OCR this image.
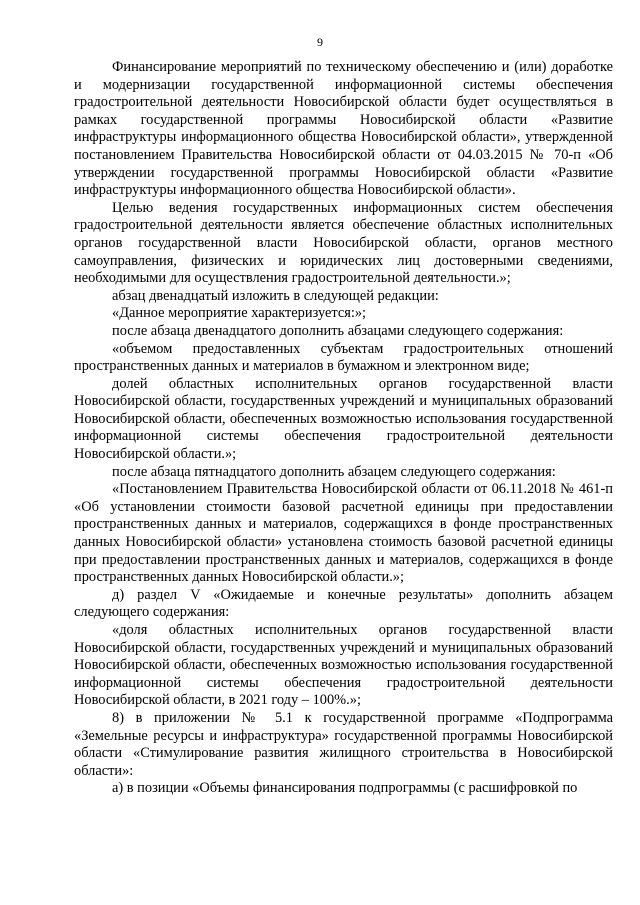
9

Финансирование мероприятий по техническому обеспечению и (или) доработке и модернизации государственной информационной системы обеспечения градостроительной деятельности Новосибирской области будет осуществляться в рамках государственной программы Новосибирской области «Развитие инфраструктуры информационного общества Новосибирской области», утвержденной постановлением Правительства Новосибирской области от 04.03.2015 № 70-п «Об утверждении государственной программы Новосибирской области «Развитие инфраструктуры информационного общества Новосибирской области».

Целью ведения государственных информационных систем обеспечения градостроительной деятельности является обеспечение областных исполнительных органов государственной власти Новосибирской области, органов местного самоуправления, физических и юридических лиц достоверными сведениями, необходимыми для осуществления градостроительной деятельности.»;

абзац двенадцатый изложить в следующей редакции:

«Данное мероприятие характеризуется:»;

после абзаца двенадцатого дополнить абзацами следующего содержания:

«объемом предоставленных субъектам градостроительных отношений пространственных данных и материалов в бумажном и электронном виде;

долей областных исполнительных органов государственной власти Новосибирской области, государственных учреждений и муниципальных образований Новосибирской области, обеспеченных возможностью использования государственной информационной системы обеспечения градостроительной деятельности Новосибирской области.»;

после абзаца пятнадцатого дополнить абзацем следующего содержания:

«Постановлением Правительства Новосибирской области от 06.11.2018 № 461-п «Об установлении стоимости базовой расчетной единицы при предоставлении пространственных данных и материалов, содержащихся в фонде пространственных данных Новосибирской области» установлена стоимость базовой расчетной единицы при предоставлении пространственных данных и материалов, содержащихся в фонде пространственных данных Новосибирской области.»;

д) раздел V «Ожидаемые и конечные результаты» дополнить абзацем следующего содержания:

«доля областных исполнительных органов государственной власти Новосибирской области, государственных учреждений и муниципальных образований Новосибирской области, обеспеченных возможностью использования государственной информационной системы обеспечения градостроительной деятельности Новосибирской области, в 2021 году – 100%.»;

8) в приложении № 5.1 к государственной программе «Подпрограмма «Земельные ресурсы и инфраструктура» государственной программы Новосибирской области «Стимулирование развития жилищного строительства в Новосибирской области»:

а) в позиции «Объемы финансирования подпрограммы (с расшифровкой по
